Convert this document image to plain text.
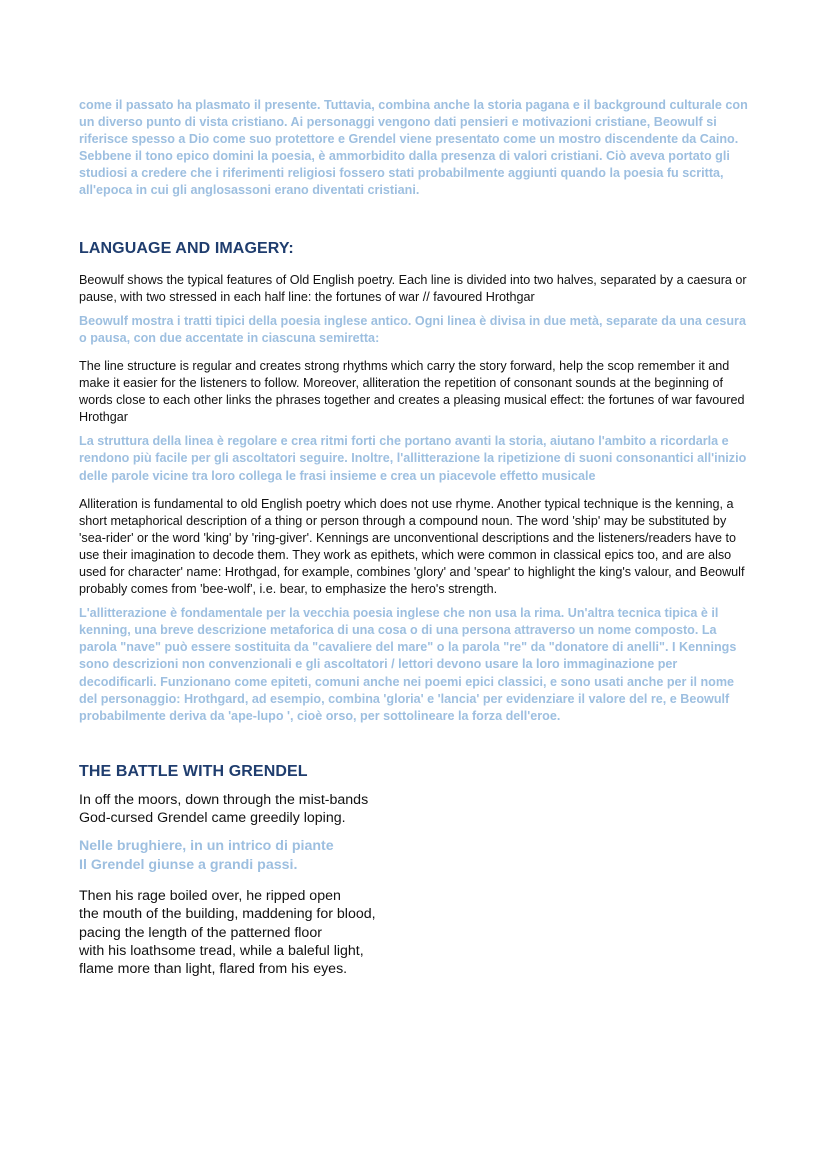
come il passato ha plasmato il presente. Tuttavia, combina anche la storia pagana e il background culturale con un diverso punto di vista cristiano. Ai personaggi vengono dati pensieri e motivazioni cristiane, Beowulf si riferisce spesso a Dio come suo protettore e Grendel viene presentato come un mostro discendente da Caino. Sebbene il tono epico domini la poesia, è ammorbidito dalla presenza di valori cristiani. Ciò aveva portato gli studiosi a credere che i riferimenti religiosi fossero stati probabilmente aggiunti quando la poesia fu scritta, all'epoca in cui gli anglosassoni erano diventati cristiani.

LANGUAGE AND IMAGERY:

Beowulf shows the typical features of Old English poetry. Each line is divided into two halves, separated by a caesura or pause, with two stressed in each half line: the fortunes of war // favoured Hrothgar

Beowulf mostra i tratti tipici della poesia inglese antico. Ogni linea è divisa in due metà, separate da una cesura o pausa, con due accentate in ciascuna semiretta:

The line structure is regular and creates strong rhythms which carry the story forward, help the scop remember it and make it easier for the listeners to follow. Moreover, alliteration the repetition of consonant sounds at the beginning of words close to each other links the phrases together and creates a pleasing musical effect: the fortunes of war favoured Hrothgar

La struttura della linea è regolare e crea ritmi forti che portano avanti la storia, aiutano l'ambito a ricordarla e rendono più facile per gli ascoltatori seguire. Inoltre, l'allitterazione la ripetizione di suoni consonantici all'inizio delle parole vicine tra loro collega le frasi insieme e crea un piacevole effetto musicale

Alliteration is fundamental to old English poetry which does not use rhyme. Another typical technique is the kenning, a short metaphorical description of a thing or person through a compound noun. The word 'ship' may be substituted by 'sea-rider' or the word 'king' by 'ring-giver'. Kennings are unconventional descriptions and the listeners/readers have to use their imagination to decode them. They work as epithets, which were common in classical epics too, and are also used for character' name: Hrothgad, for example, combines 'glory' and 'spear' to highlight the king's valour, and Beowulf probably comes from 'bee-wolf', i.e. bear, to emphasize the hero's strength.

L'allitterazione è fondamentale per la vecchia poesia inglese che non usa la rima. Un'altra tecnica tipica è il kenning, una breve descrizione metaforica di una cosa o di una persona attraverso un nome composto. La parola "nave" può essere sostituita da "cavaliere del mare" o la parola "re" da "donatore di anelli". I Kennings sono descrizioni non convenzionali e gli ascoltatori / lettori devono usare la loro immaginazione per decodificarli. Funzionano come epiteti, comuni anche nei poemi epici classici, e sono usati anche per il nome del personaggio: Hrothgard, ad esempio, combina 'gloria' e 'lancia' per evidenziare il valore del re, e Beowulf probabilmente deriva da 'ape-lupo ', cioè orso, per sottolineare la forza dell'eroe.

THE BATTLE WITH GRENDEL

In off the moors, down through the mist-bands
God-cursed Grendel came greedily loping.

Nelle brughiere, in un intrico di piante
Il Grendel giunse a grandi passi.

Then his rage boiled over, he ripped open
the mouth of the building, maddening for blood,
pacing the length of the patterned floor
with his loathsome tread, while a baleful light,
flame more than light, flared from his eyes.
